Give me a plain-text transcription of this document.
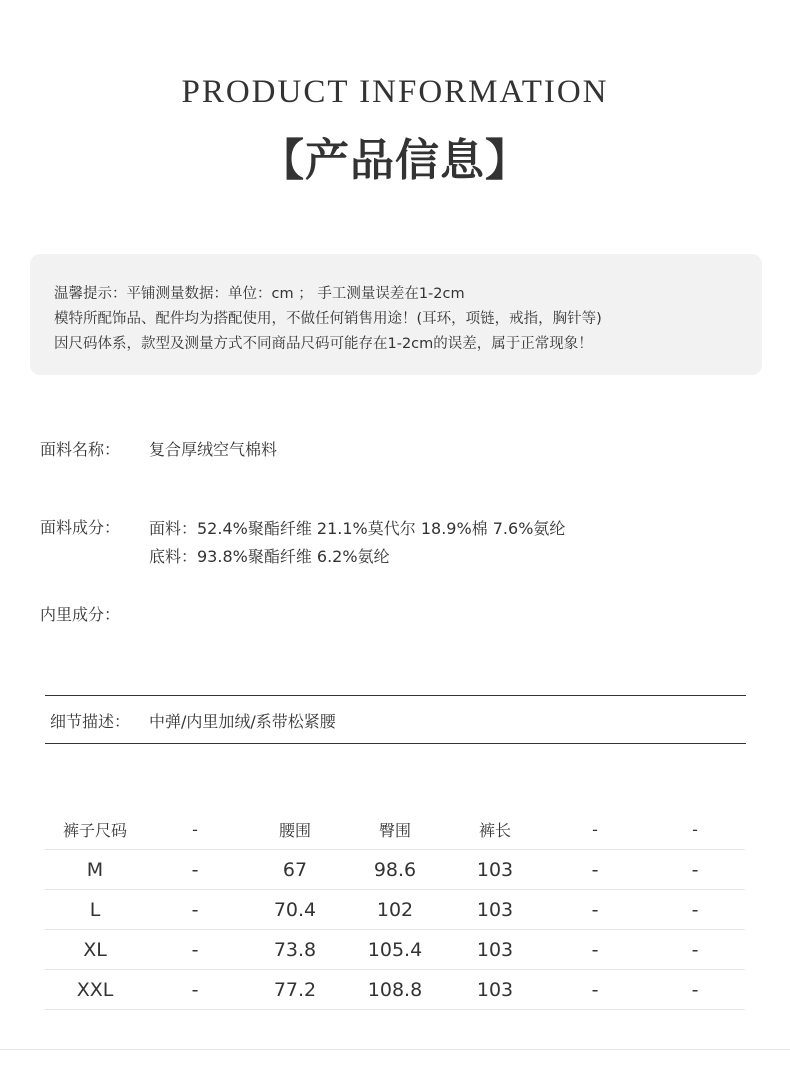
PRODUCT INFORMATION
【产品信息】
温馨提示：平铺测量数据：单位：cm ； 手工测量误差在1-2cm
模特所配饰品、配件均为搭配使用，不做任何销售用途！(耳环，项链，戒指，胸针等)
因尺码体系，款型及测量方式不同商品尺码可能存在1-2cm的误差，属于正常现象！
面料名称： 复合厚绒空气棉料
面料成分： 面料：52.4%聚酯纤维 21.1%莫代尔 18.9%棉 7.6%氨纶
底料：93.8%聚酯纤维 6.2%氨纶
内里成分：
细节描述： 中弹/内里加绒/系带松紧腰
裤子尺码	-	腰围	臀围	裤长	-	-
M	-	67	98.6	103	-	-
L	-	70.4	102	103	-	-
XL	-	73.8	105.4	103	-	-
XXL	-	77.2	108.8	103	-	-
